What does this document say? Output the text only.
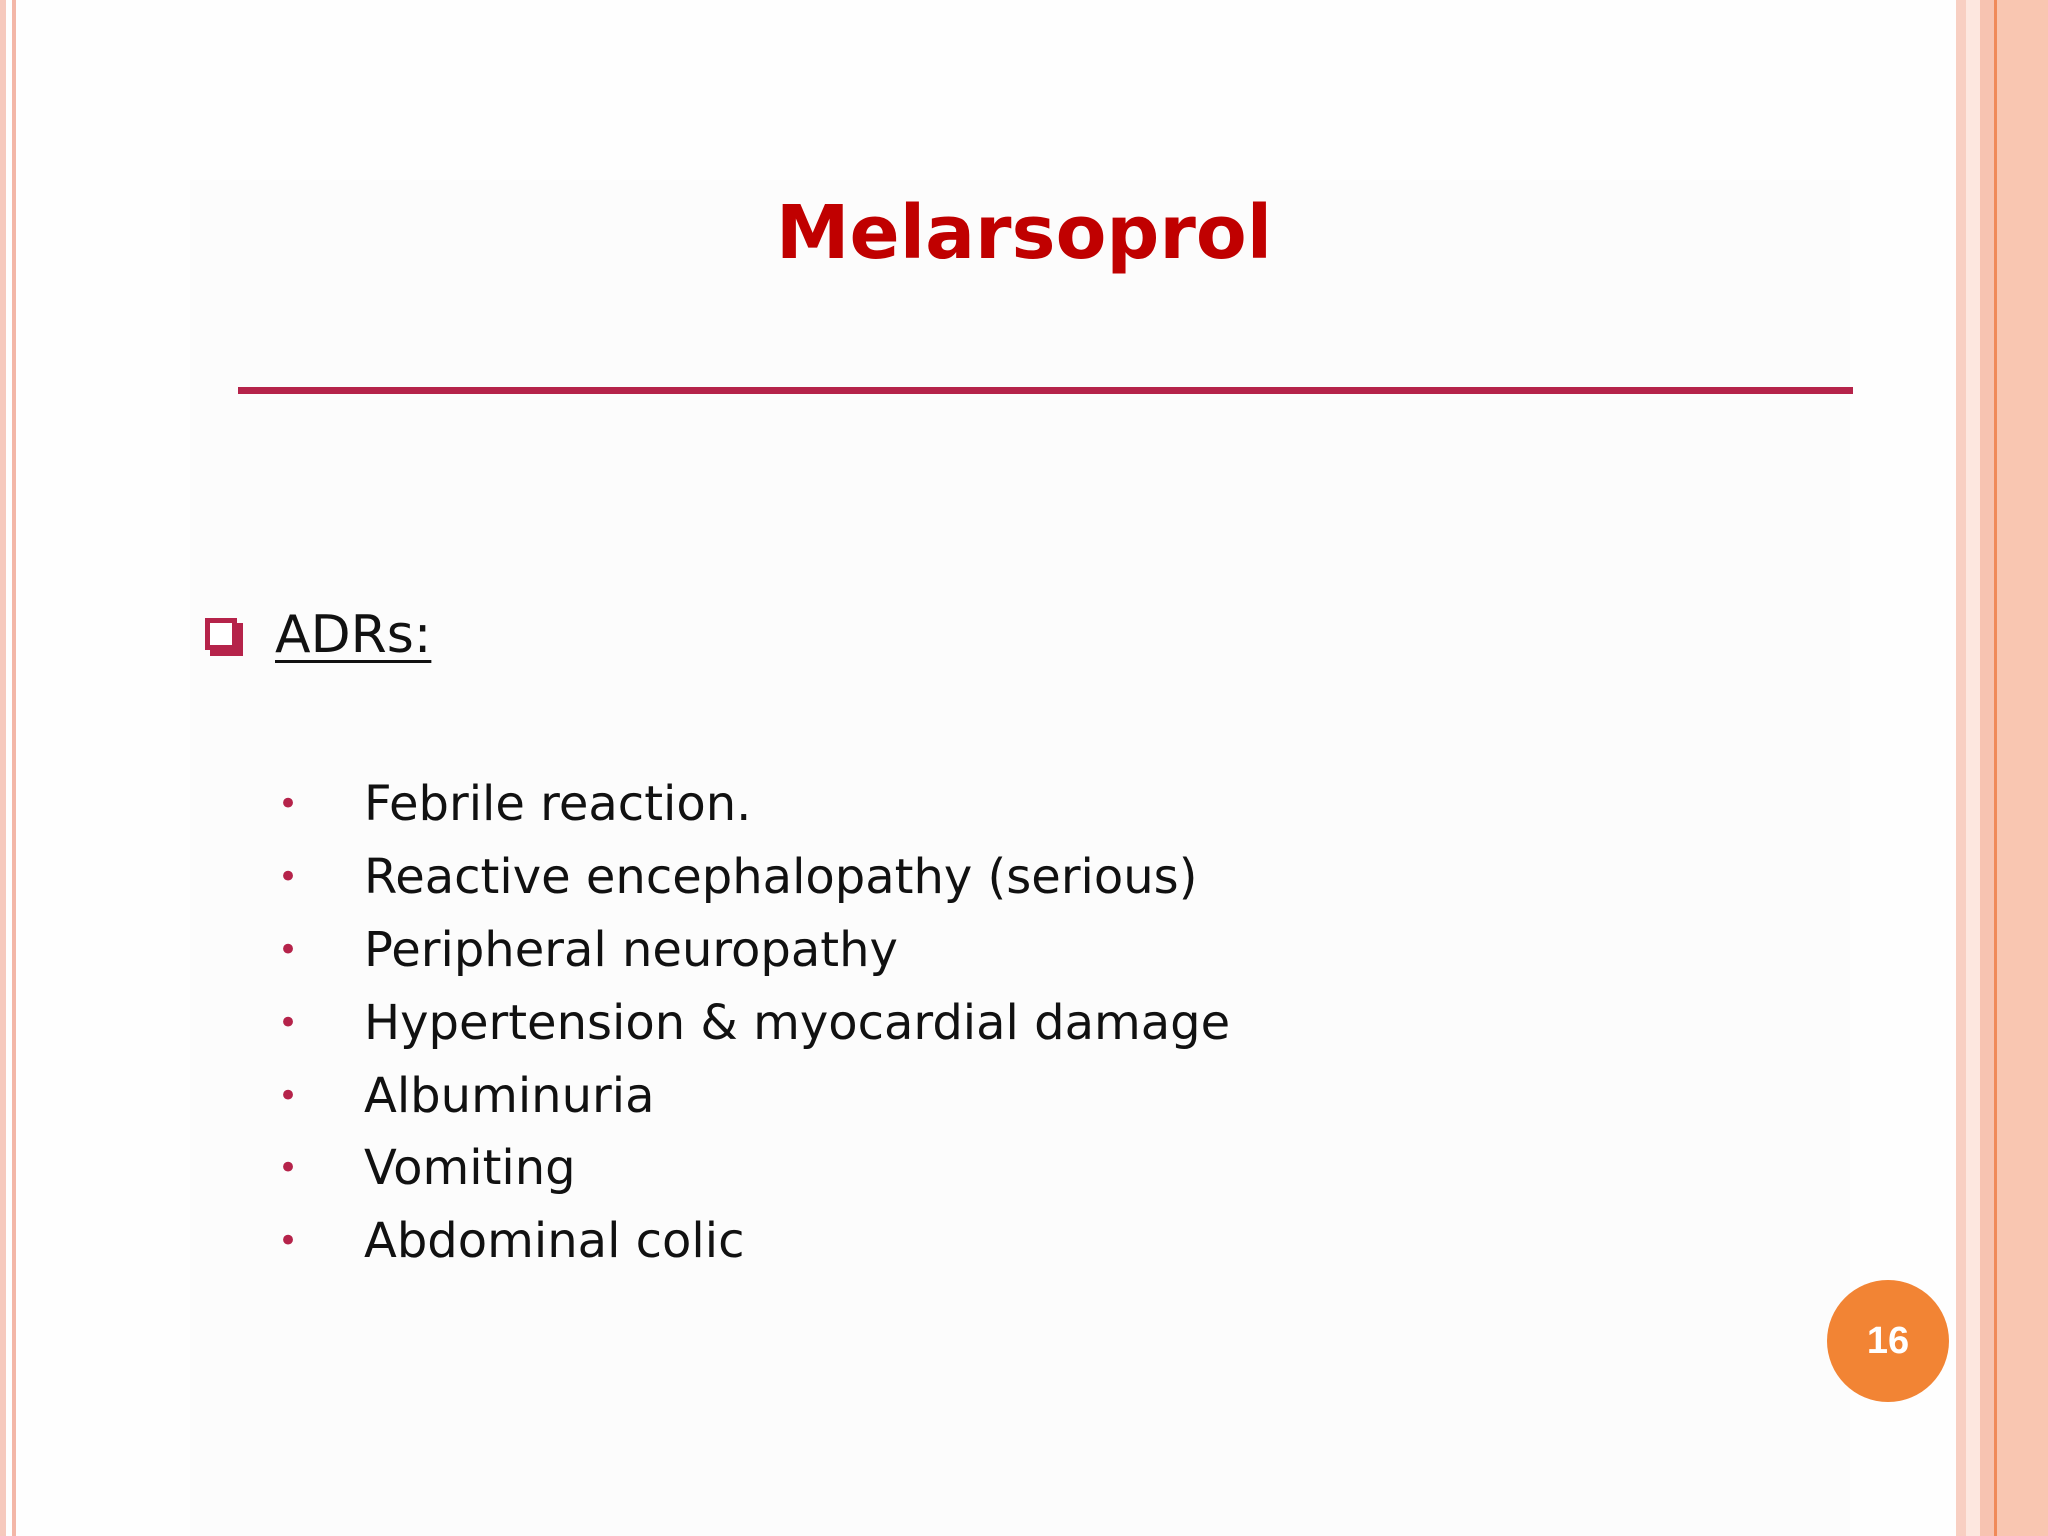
Melarsoprol
ADRs:
•	Febrile reaction.
•	Reactive encephalopathy (serious)
•	Peripheral neuropathy
•	Hypertension & myocardial damage
•	Albuminuria
•	Vomiting
•	Abdominal colic
16
